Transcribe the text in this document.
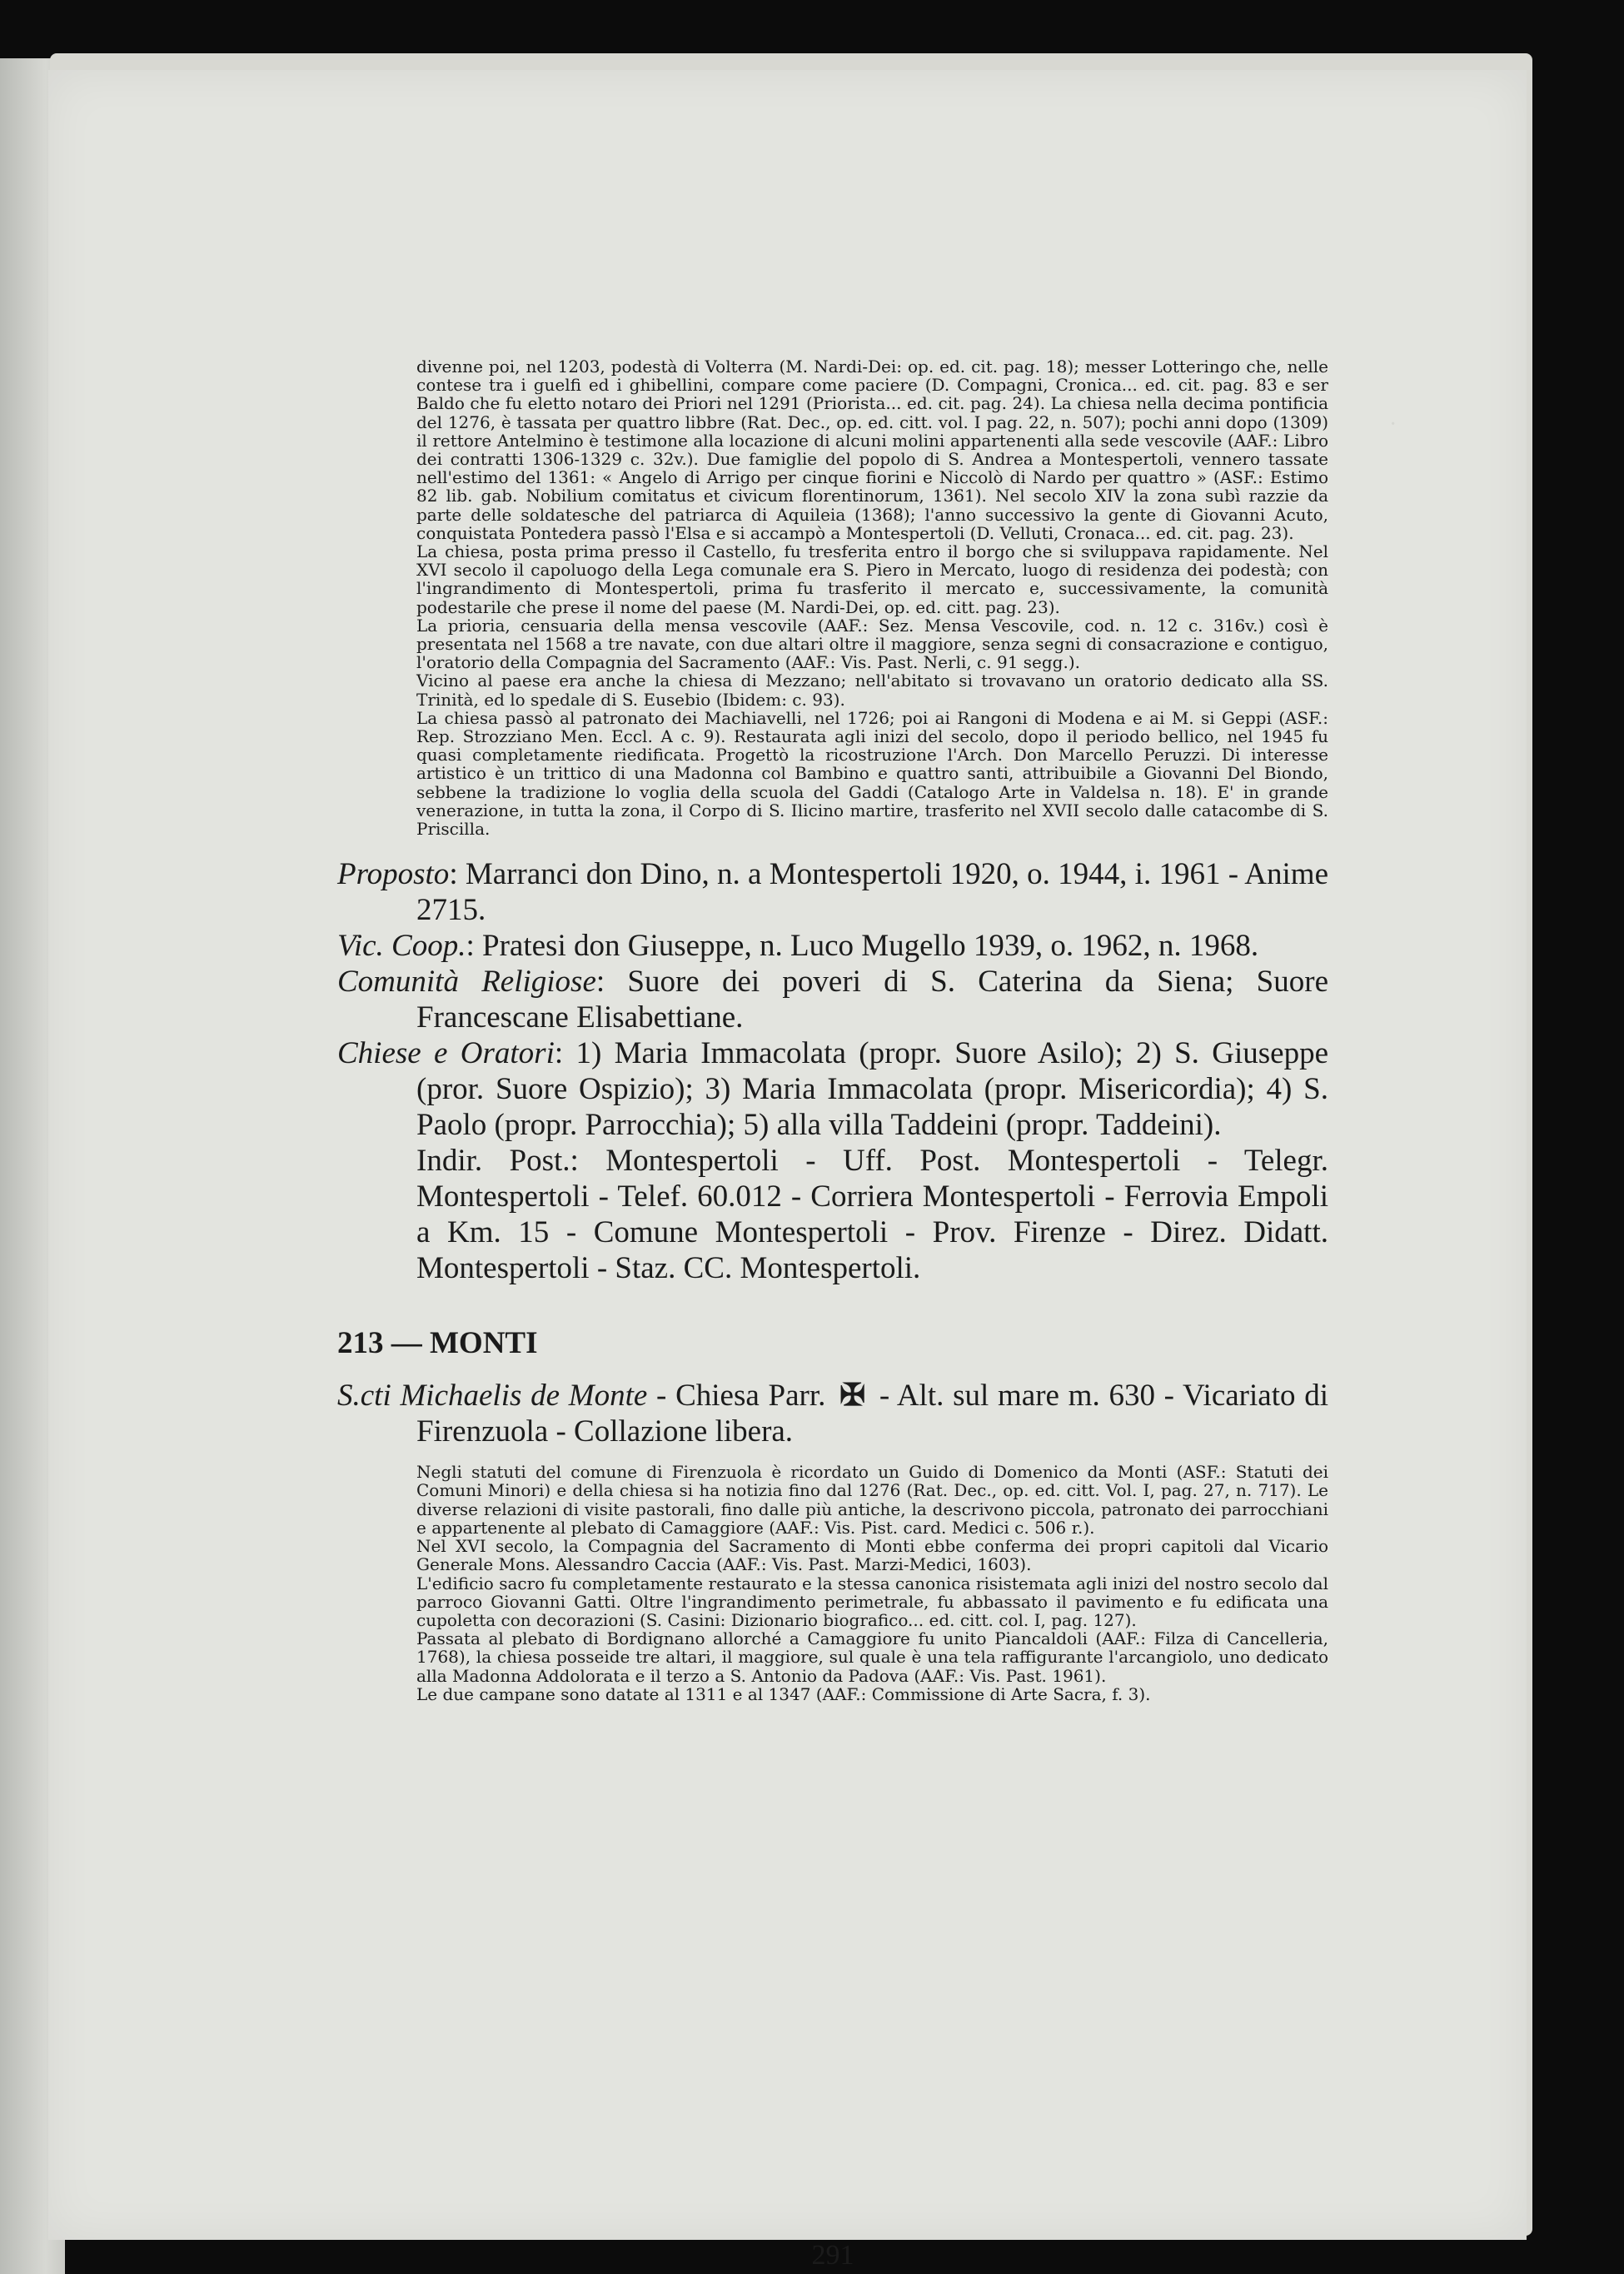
·

divenne poi, nel 1203, podestà di Volterra (M. Nardi-Dei: op. ed. cit. pag. 18); messer Lotteringo che, nelle contese tra i guelfi ed i ghibellini, compare come paciere (D. Compagni, Cronica... ed. cit. pag. 83 e ser Baldo che fu eletto notaro dei Priori nel 1291 (Priorista... ed. cit. pag. 24). La chiesa nella decima pontificia del 1276, è tassata per quattro libbre (Rat. Dec., op. ed. citt. vol. I pag. 22, n. 507); pochi anni dopo (1309) il rettore Antelmino è testimone alla locazione di alcuni molini appartenenti alla sede vescovile (AAF.: Libro dei contratti 1306-1329 c. 32v.). Due famiglie del popolo di S. Andrea a Montespertoli, vennero tassate nell'estimo del 1361: « Angelo di Arrigo per cinque fiorini e Niccolò di Nardo per quattro » (ASF.: Estimo 82 lib. gab. Nobilium comitatus et civicum florentinorum, 1361). Nel secolo XIV la zona subì razzie da parte delle soldatesche del patriarca di Aquileia (1368); l'anno successivo la gente di Giovanni Acuto, conquistata Pontedera passò l'Elsa e si accampò a Montespertoli (D. Velluti, Cronaca... ed. cit. pag. 23).

La chiesa, posta prima presso il Castello, fu tresferita entro il borgo che si sviluppava rapidamente. Nel XVI secolo il capoluogo della Lega comunale era S. Piero in Mercato, luogo di residenza dei podestà; con l'ingrandimento di Montespertoli, prima fu trasferito il mercato e, successivamente, la comunità podestarile che prese il nome del paese (M. Nardi-Dei, op. ed. citt. pag. 23).

La prioria, censuaria della mensa vescovile (AAF.: Sez. Mensa Vescovile, cod. n. 12 c. 316v.) così è presentata nel 1568 a tre navate, con due altari oltre il maggiore, senza segni di consacrazione e contiguo, l'oratorio della Compagnia del Sacramento (AAF.: Vis. Past. Nerli, c. 91 segg.).

Vicino al paese era anche la chiesa di Mezzano; nell'abitato si trovavano un oratorio dedicato alla SS. Trinità, ed lo spedale di S. Eusebio (Ibidem: c. 93).

La chiesa passò al patronato dei Machiavelli, nel 1726; poi ai Rangoni di Modena e ai M. si Geppi (ASF.: Rep. Strozziano Men. Eccl. A c. 9). Restaurata agli inizi del secolo, dopo il periodo bellico, nel 1945 fu quasi completamente riedificata. Progettò la ricostruzione l'Arch. Don Marcello Peruzzi. Di interesse artistico è un trittico di una Madonna col Bambino e quattro santi, attribuibile a Giovanni Del Biondo, sebbene la tradizione lo voglia della scuola del Gaddi (Catalogo Arte in Valdelsa n. 18). E' in grande venerazione, in tutta la zona, il Corpo di S. Ilicino martire, trasferito nel XVII secolo dalle catacombe di S. Priscilla.

Proposto: Marranci don Dino, n. a Montespertoli 1920, o. 1944, i. 1961 - Anime 2715.

Vic. Coop.: Pratesi don Giuseppe, n. Luco Mugello 1939, o. 1962, n. 1968.

Comunità Religiose: Suore dei poveri di S. Caterina da Siena; Suore Francescane Elisabettiane.

Chiese e Oratori: 1) Maria Immacolata (propr. Suore Asilo); 2) S. Giuseppe (pror. Suore Ospizio); 3) Maria Immacolata (propr. Misericordia); 4) S. Paolo (propr. Parrocchia); 5) alla villa Taddeini (propr. Taddeini).

Indir. Post.: Montespertoli - Uff. Post. Montespertoli - Telegr. Montespertoli - Telef. 60.012 - Corriera Montespertoli - Ferrovia Empoli a Km. 15 - Comune Montespertoli - Prov. Firenze - Direz. Didatt. Montespertoli - Staz. CC. Montespertoli.

213 — MONTI

S.cti Michaelis de Monte - Chiesa Parr. ✠ - Alt. sul mare m. 630 - Vicariato di Firenzuola - Collazione libera.

Negli statuti del comune di Firenzuola è ricordato un Guido di Domenico da Monti (ASF.: Statuti dei Comuni Minori) e della chiesa si ha notizia fino dal 1276 (Rat. Dec., op. ed. citt. Vol. I, pag. 27, n. 717). Le diverse relazioni di visite pastorali, fino dalle più antiche, la descrivono piccola, patronato dei parrocchiani e appartenente al plebato di Camaggiore (AAF.: Vis. Pist. card. Medici c. 506 r.).

Nel XVI secolo, la Compagnia del Sacramento di Monti ebbe conferma dei propri capitoli dal Vicario Generale Mons. Alessandro Caccia (AAF.: Vis. Past. Marzi-Medici, 1603).

L'edificio sacro fu completamente restaurato e la stessa canonica risistemata agli inizi del nostro secolo dal parroco Giovanni Gatti. Oltre l'ingrandimento perimetrale, fu abbassato il pavimento e fu edificata una cupoletta con decorazioni (S. Casini: Dizionario biografico... ed. citt. col. I, pag. 127).

Passata al plebato di Bordignano allorché a Camaggiore fu unito Piancaldoli (AAF.: Filza di Cancelleria, 1768), la chiesa posseide tre altari, il maggiore, sul quale è una tela raffigurante l'arcangiolo, uno dedicato alla Madonna Addolorata e il terzo a S. Antonio da Padova (AAF.: Vis. Past. 1961).

Le due campane sono datate al 1311 e al 1347 (AAF.: Commissione di Arte Sacra, f. 3).

291
